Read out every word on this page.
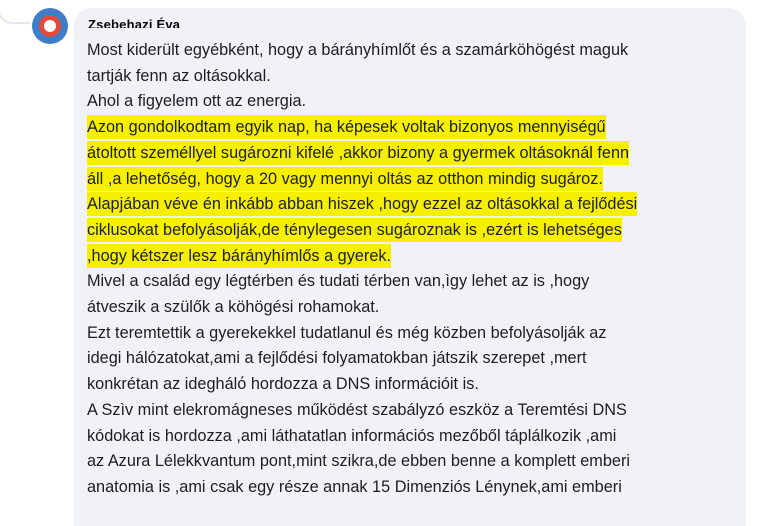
Zsebehazi Éva
Most kiderült egyébként, hogy a bárányhímlőt és a szamárköhögést maguk
tartják fenn az oltásokkal.
Ahol a figyelem ott az energia.
Azon gondolkodtam egyik nap, ha képesek voltak bizonyos mennyiségű
átoltott személlyel sugározni kifelé ,akkor bizony a gyermek oltásoknál fenn
áll ,a lehetőség, hogy a 20 vagy mennyi oltás az otthon mindig sugároz.
Alapjában véve én inkább abban hiszek ,hogy ezzel az oltásokkal a fejlődési
ciklusokat befolyásolják,de ténylegesen sugároznak is ,ezért is lehetséges
,hogy kétszer lesz bárányhímlős a gyerek.
Mivel a család egy légtérben és tudati térben van,ìgy lehet az is ,hogy
átveszik a szülők a köhögési rohamokat.
Ezt teremtettik a gyerekekkel tudatlanul és még közben befolyásolják az
idegi hálózatokat,ami a fejlődési folyamatokban játszik szerepet ,mert
konkrétan az ideghálό hordozza a DNS információit is.
A Szìv mint elekromágneses működést szabályzó eszköz a Teremtési DNS
kódokat is hordozza ,ami láthatatlan információs mezőből táplálkozik ,ami
az Azura Lélekkvantum pont,mint szikra,de ebben benne a komplett emberi
anatomia is ,ami csak egy része annak 15 Dimenziós Lénynek,ami emberi
